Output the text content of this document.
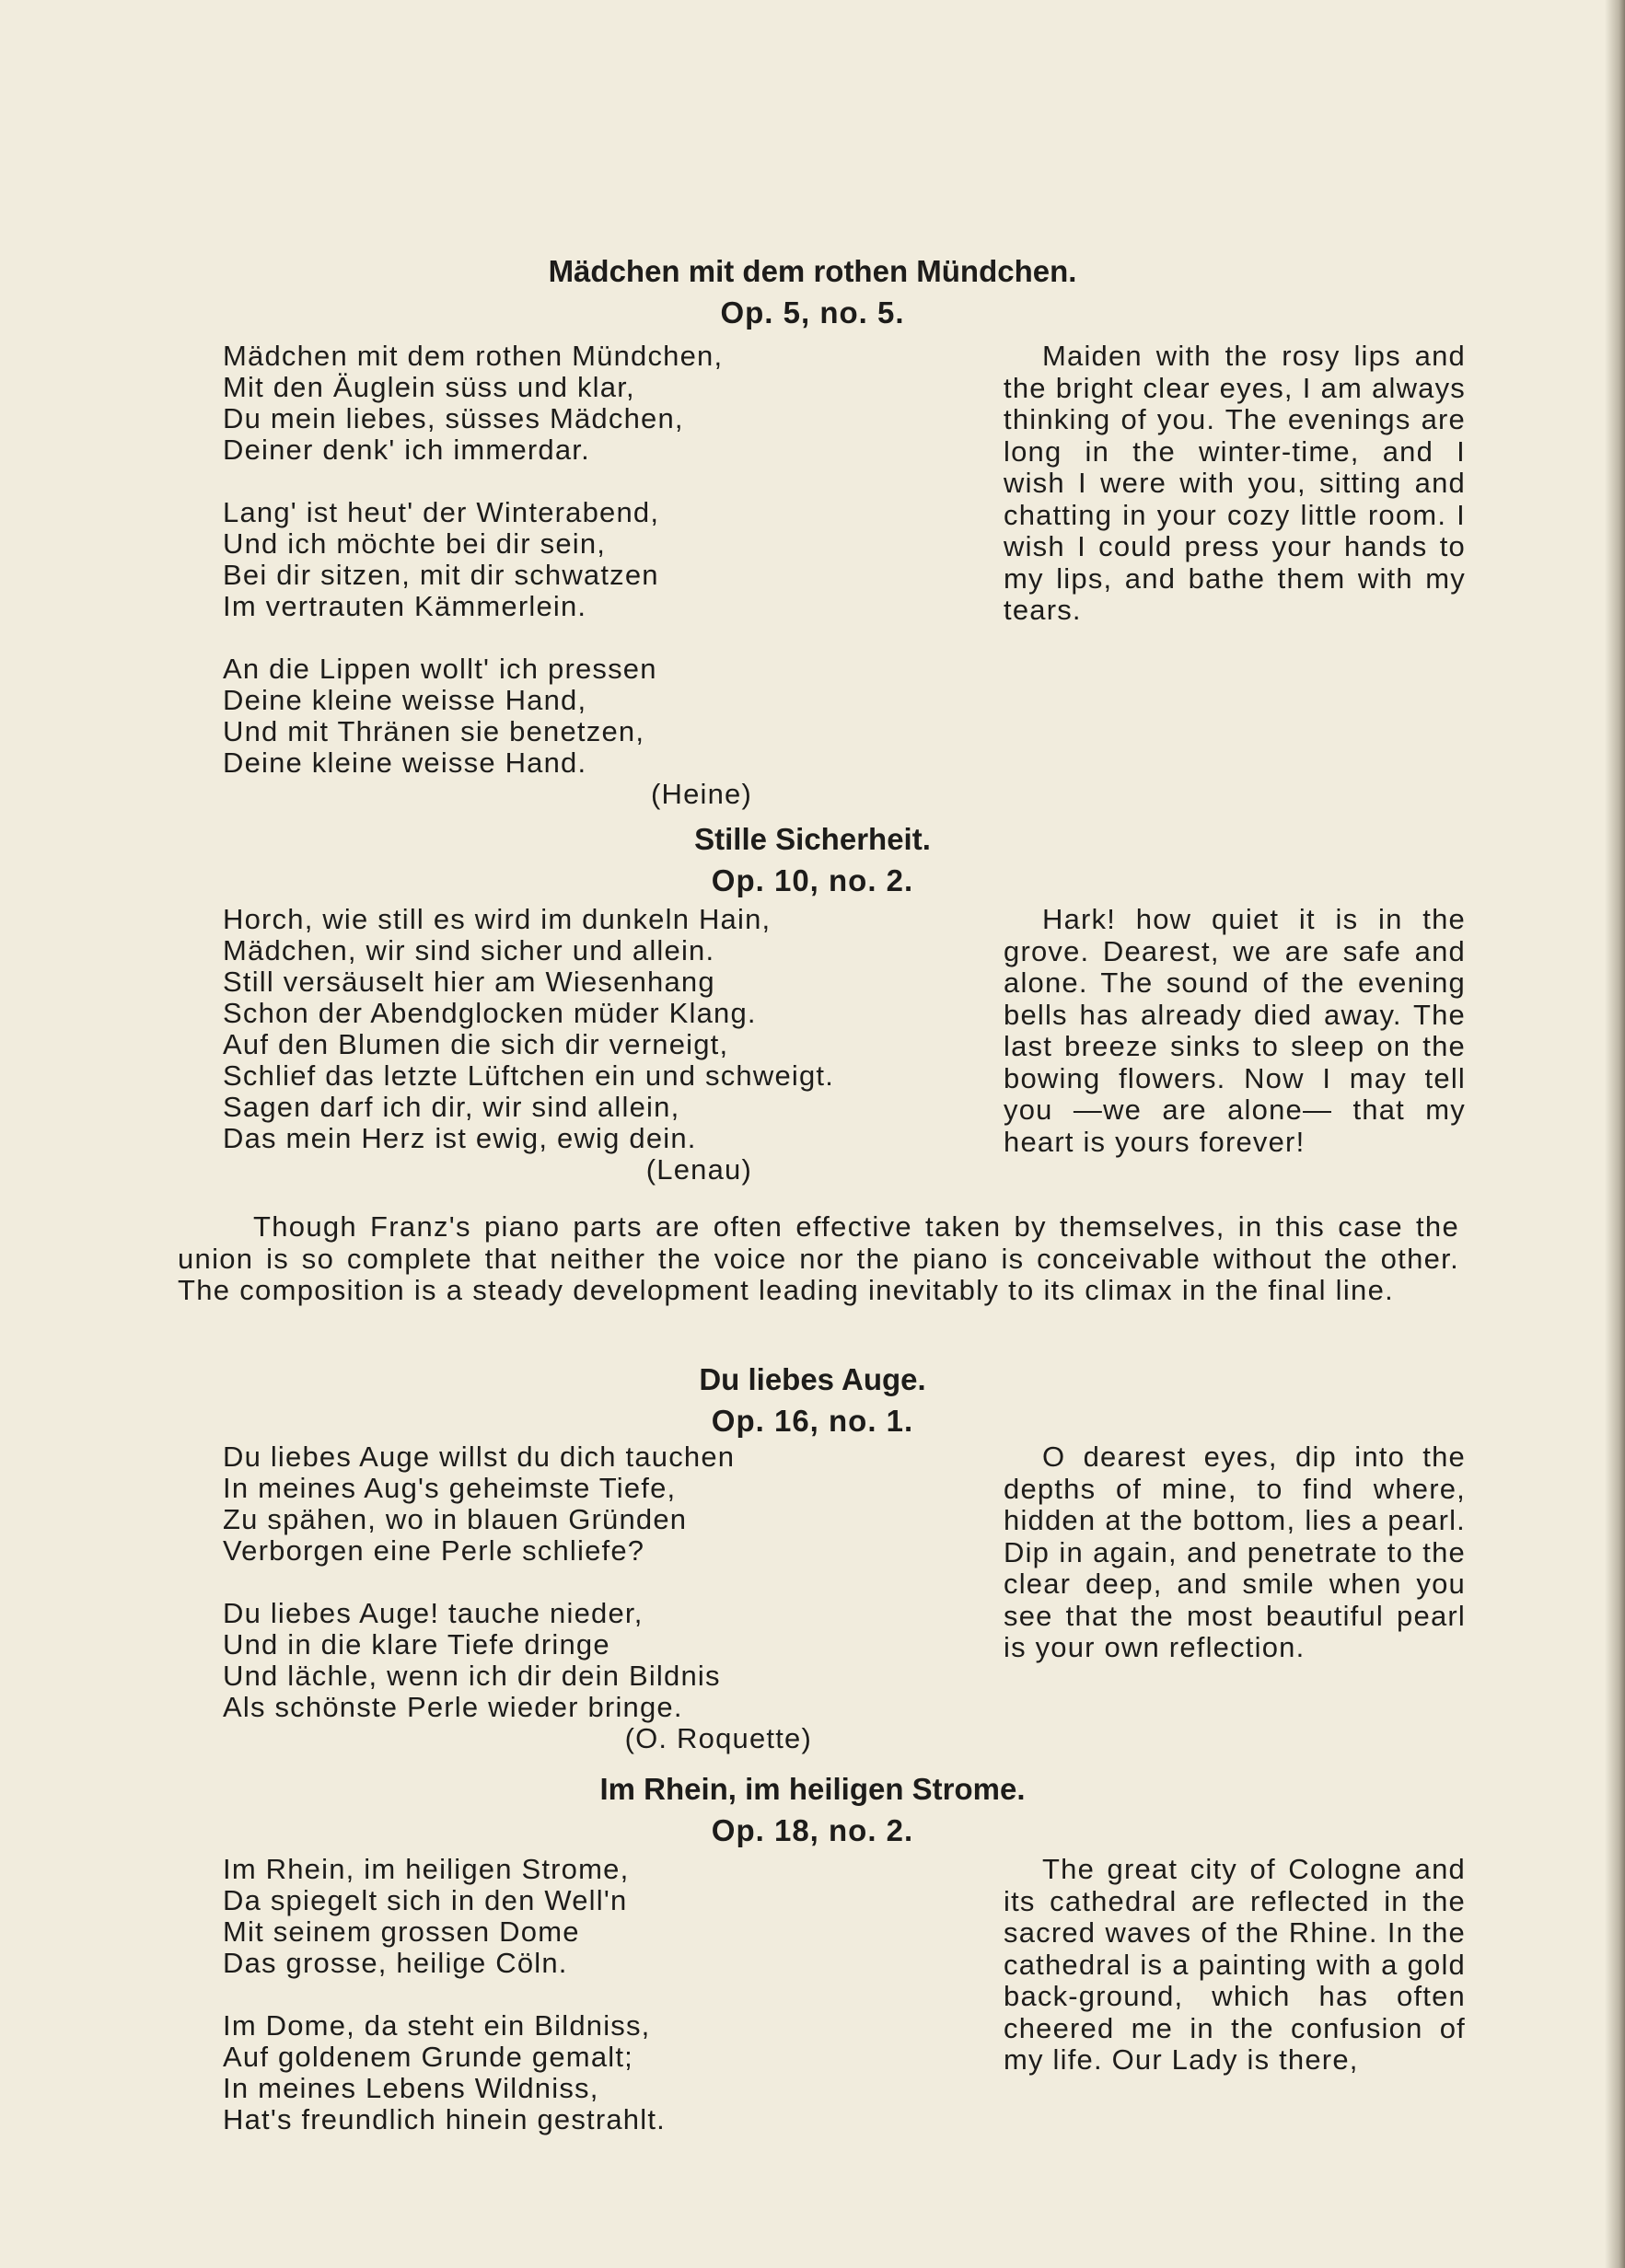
Mädchen mit dem rothen Mündchen.
Op. 5, no. 5.
Mädchen mit dem rothen Mündchen,
Mit den Äuglein süss und klar,
Du mein liebes, süsses Mädchen,
Deiner denk' ich immerdar.
Lang' ist heut' der Winterabend,
Und ich möchte bei dir sein,
Bei dir sitzen, mit dir schwatzen
Im vertrauten Kämmerlein.
An die Lippen wollt' ich pressen
Deine kleine weisse Hand,
Und mit Thränen sie benetzen,
Deine kleine weisse Hand.
(Heine)
Maiden with the rosy lips and the bright clear eyes, I am always thinking of you. The evenings are long in the winter-time, and I wish I were with you, sitting and chatting in your cozy little room. I wish I could press your hands to my lips, and bathe them with my tears.
Stille Sicherheit.
Op. 10, no. 2.
Horch, wie still es wird im dunkeln Hain,
Mädchen, wir sind sicher und allein.
Still versäuselt hier am Wiesenhang
Schon der Abendglocken müder Klang.
Auf den Blumen die sich dir verneigt,
Schlief das letzte Lüftchen ein und schweigt.
Sagen darf ich dir, wir sind allein,
Das mein Herz ist ewig, ewig dein.
(Lenau)
Hark! how quiet it is in the grove. Dearest, we are safe and alone. The sound of the evening bells has already died away. The last breeze sinks to sleep on the bowing flowers. Now I may tell you —we are alone— that my heart is yours forever!
Though Franz's piano parts are often effective taken by themselves, in this case the union is so complete that neither the voice nor the piano is conceivable without the other. The composition is a steady development leading inevitably to its climax in the final line.
Du liebes Auge.
Op. 16, no. 1.
Du liebes Auge willst du dich tauchen
In meines Aug's geheimste Tiefe,
Zu spähen, wo in blauen Gründen
Verborgen eine Perle schliefe?
Du liebes Auge! tauche nieder,
Und in die klare Tiefe dringe
Und lächle, wenn ich dir dein Bildnis
Als schönste Perle wieder bringe.
(O. Roquette)
O dearest eyes, dip into the depths of mine, to find where, hidden at the bottom, lies a pearl. Dip in again, and penetrate to the clear deep, and smile when you see that the most beautiful pearl is your own reflection.
Im Rhein, im heiligen Strome.
Op. 18, no. 2.
Im Rhein, im heiligen Strome,
Da spiegelt sich in den Well'n
Mit seinem grossen Dome
Das grosse, heilige Cöln.
Im Dome, da steht ein Bildniss,
Auf goldenem Grunde gemalt;
In meines Lebens Wildniss,
Hat's freundlich hinein gestrahlt.
The great city of Cologne and its cathedral are reflected in the sacred waves of the Rhine. In the cathedral is a painting with a gold back-ground, which has often cheered me in the confusion of my life. Our Lady is there,
